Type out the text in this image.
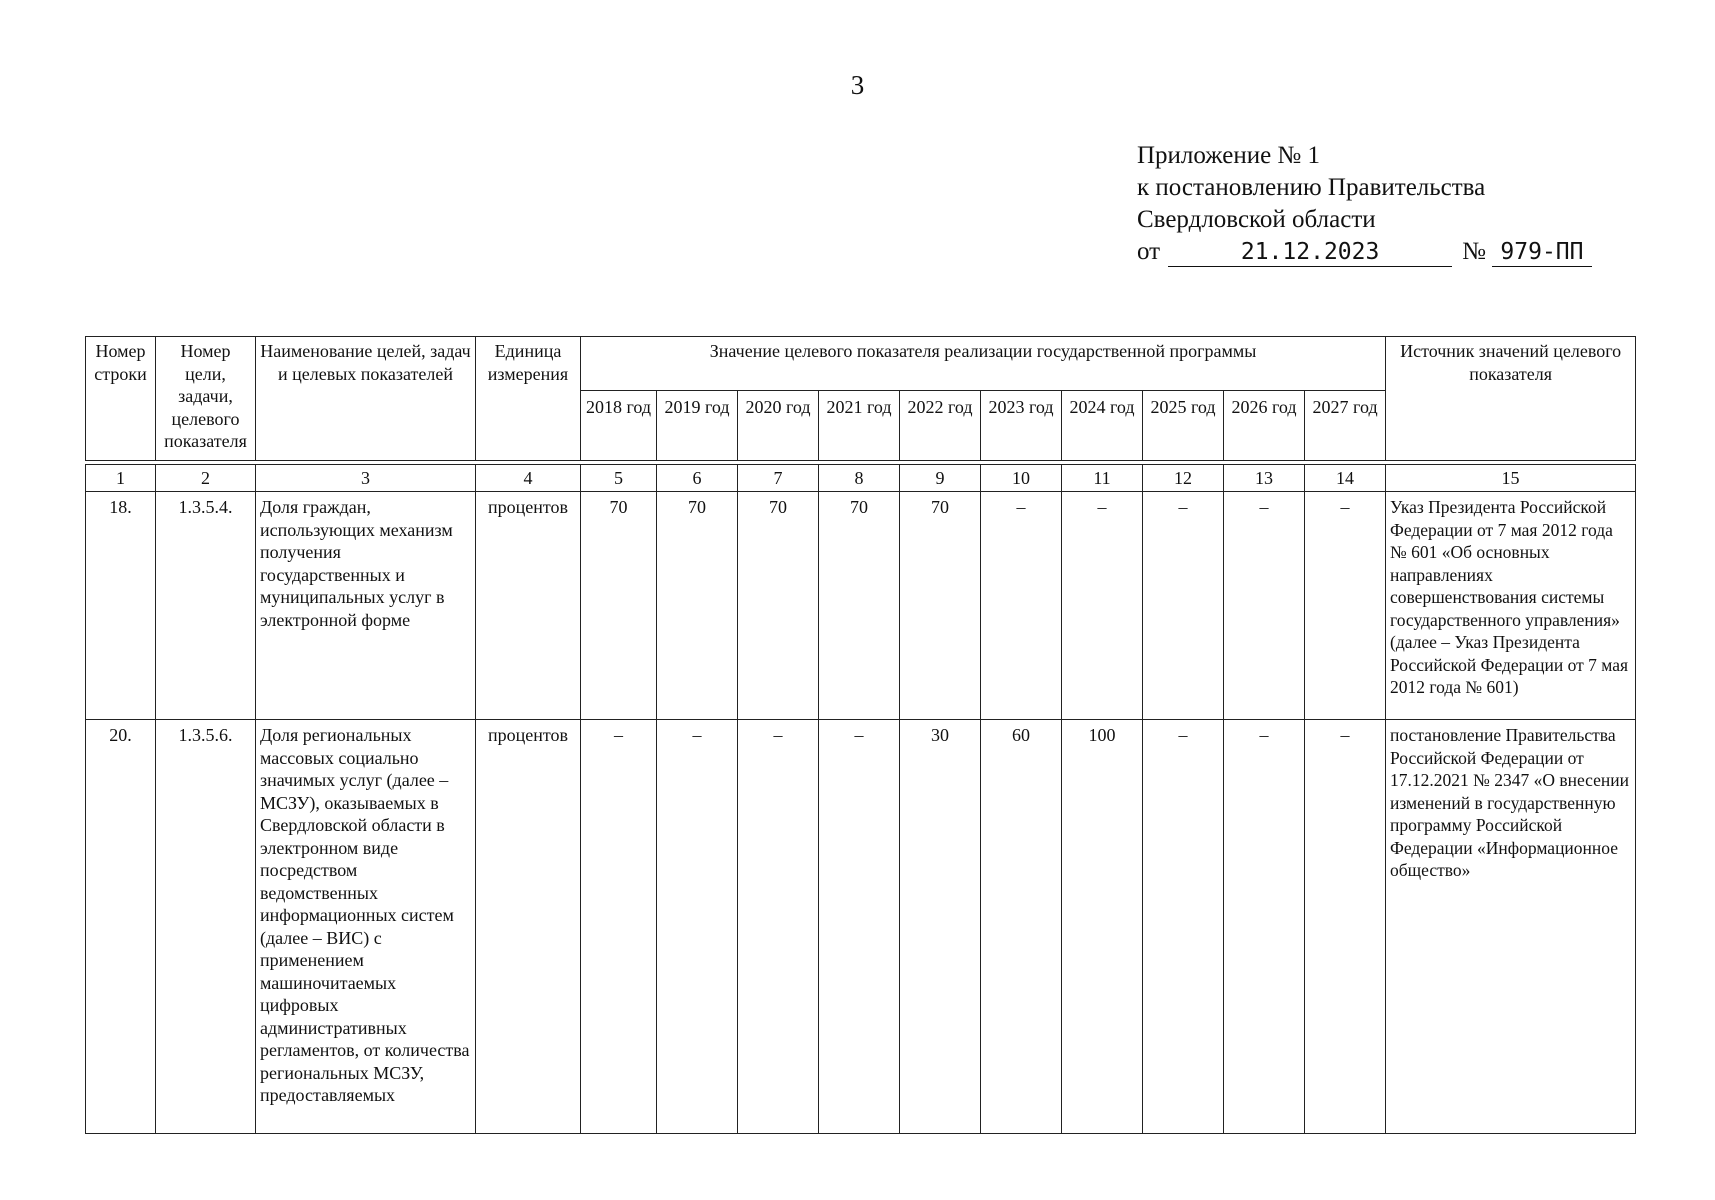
3
Приложение № 1
к постановлению Правительства
Свердловской области
от	21.12.2023	№ 979-ПП
Номер строки	Номер цели, задачи, целевого показателя	Наименование целей, задач и целевых показателей	Единица измерения	Значение целевого показателя реализации государственной программы										Источник значений целевого показателя
				2018 год	2019 год	2020 год	2021 год	2022 год	2023 год	2024 год	2025 год	2026 год	2027 год	
1	2	3	4	5	6	7	8	9	10	11	12	13	14	15
18.	1.3.5.4.	Доля граждан, использующих механизм получения государственных и муниципальных услуг в электронной форме	процентов	70	70	70	70	70	–	–	–	–	–	Указ Президента Российской Федерации от 7 мая 2012 года № 601 «Об основных направлениях совершенствования системы государственного управления» (далее – Указ Президента Российской Федерации от 7 мая 2012 года № 601)
20.	1.3.5.6.	Доля региональных массовых социально значимых услуг (далее – МСЗУ), оказываемых в Свердловской области в электронном виде посредством ведомственных информационных систем (далее – ВИС) с применением машиночитаемых цифровых административных регламентов, от количества региональных МСЗУ, предоставляемых	процентов	–	–	–	–	30	60	100	–	–	–	постановление Правительства Российской Федерации от 17.12.2021 № 2347 «О внесении изменений в государственную программу Российской Федерации «Информационное общество»
